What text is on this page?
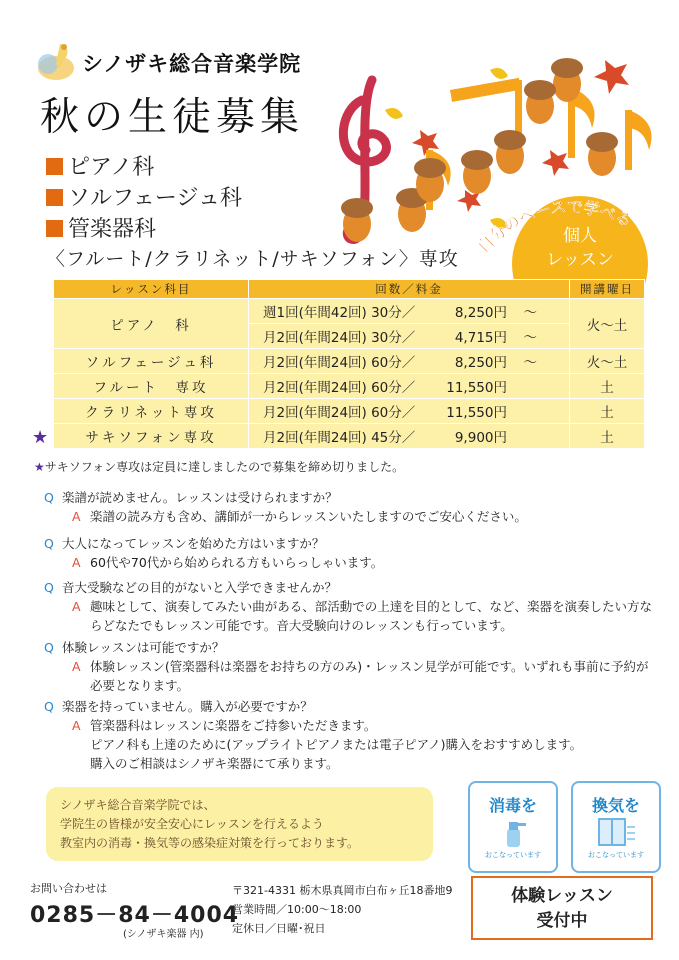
シノザキ総合音楽学院
秋の生徒募集
ピアノ科
ソルフェージュ科
管楽器科
〈フルート/クラリネット/サキソフォン〉専攻
個人
レッスン
自分のペースで学べる
レッスン科目	回数／料金	開講曜日
ピアノ　科	週1回(年間42回) 30分／ 8,250円 ～	火～土
	月2回(年間24回) 30分／ 4,715円 ～	
ソルフェージュ科	月2回(年間24回) 60分／ 8,250円 ～	火～土
フルート　専攻	月2回(年間24回) 60分／ 11,550円	土
クラリネット専攻	月2回(年間24回) 60分／ 11,550円	土
サキソフォン専攻	月2回(年間24回) 45分／ 9,900円	土
★
★サキソフォン専攻は定員に達しましたので募集を締め切りました。
Q 楽譜が読めません。レッスンは受けられますか？
A 楽譜の読み方も含め、講師が一からレッスンいたしますのでご安心ください。
Q 大人になってレッスンを始めた方はいますか？
A 60代や70代から始められる方もいらっしゃいます。
Q 音大受験などの目的がないと入学できませんか？
A 趣味として、演奏してみたい曲がある、部活動での上達を目的として、など、楽器を演奏したい方ならどなたでもレッスン可能です。音大受験向けのレッスンも行っています。
Q 体験レッスンは可能ですか？
A 体験レッスン(管楽器科は楽器をお持ちの方のみ)・レッスン見学が可能です。いずれも事前に予約が必要となります。
Q 楽器を持っていません。購入が必要ですか？
A 管楽器科はレッスンに楽器をご持参いただきます。
ピアノ科も上達のために(アップライトピアノまたは電子ピアノ)購入をおすすめします。
購入のご相談はシノザキ楽器にて承ります。
シノザキ総合音楽学院では、
学院生の皆様が安全安心にレッスンを行えるよう
教室内の消毒・換気等の感染症対策を行っております。
消毒を
おこなっています
換気を
おこなっています
お問い合わせは
0285－84－4004
(シノザキ楽器 内)
〒321-4331 栃木県真岡市白布ヶ丘18番地9
営業時間／10:00～18:00
定休日／日曜･祝日
体験レッスン
受付中
